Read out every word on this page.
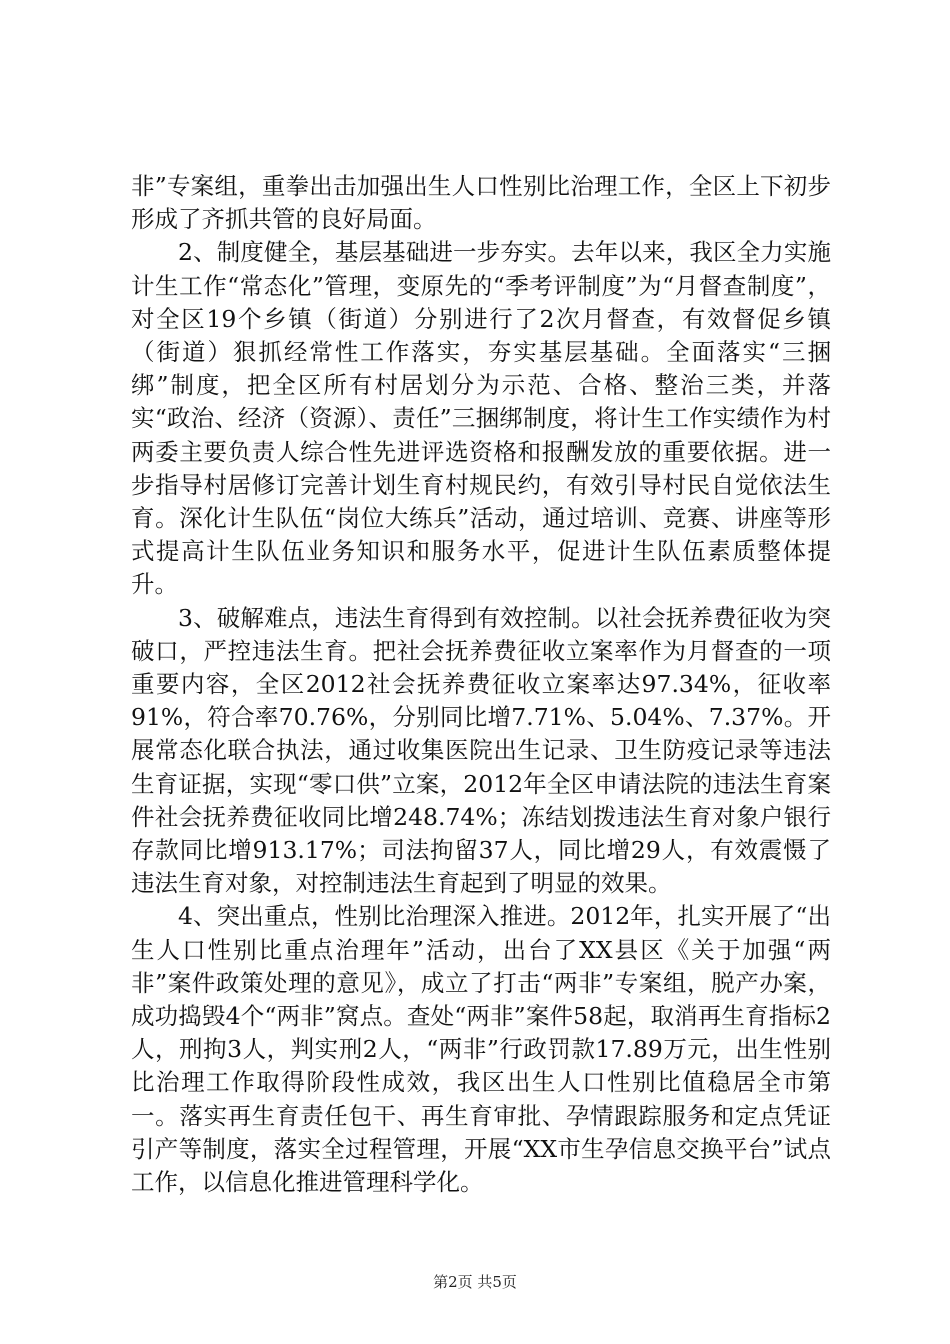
非”专案组，重拳出击加强出生人口性别比治理工作，全区上下初步形成了齐抓共管的良好局面。

2、制度健全，基层基础进一步夯实。去年以来，我区全力实施计生工作“常态化”管理，变原先的“季考评制度”为“月督查制度”，对全区19个乡镇（街道）分别进行了2次月督查，有效督促乡镇（街道）狠抓经常性工作落实，夯实基层基础。全面落实“三捆绑”制度，把全区所有村居划分为示范、合格、整治三类，并落实“政治、经济（资源）、责任”三捆绑制度，将计生工作实绩作为村两委主要负责人综合性先进评选资格和报酬发放的重要依据。进一步指导村居修订完善计划生育村规民约，有效引导村民自觉依法生育。深化计生队伍“岗位大练兵”活动，通过培训、竞赛、讲座等形式提高计生队伍业务知识和服务水平，促进计生队伍素质整体提升。

3、破解难点，违法生育得到有效控制。以社会抚养费征收为突破口，严控违法生育。把社会抚养费征收立案率作为月督查的一项重要内容，全区2012社会抚养费征收立案率达97.34%，征收率91%，符合率70.76%，分别同比增7.71%、5.04%、7.37%。开展常态化联合执法，通过收集医院出生记录、卫生防疫记录等违法生育证据，实现“零口供”立案，2012年全区申请法院的违法生育案件社会抚养费征收同比增248.74%；冻结划拨违法生育对象户银行存款同比增913.17%；司法拘留37人，同比增29人，有效震慑了违法生育对象，对控制违法生育起到了明显的效果。

4、突出重点，性别比治理深入推进。2012年，扎实开展了“出生人口性别比重点治理年”活动，出台了XX县区《关于加强“两非”案件政策处理的意见》，成立了打击“两非”专案组，脱产办案，成功捣毁4个“两非”窝点。查处“两非”案件58起，取消再生育指标2人，刑拘3人，判实刑2人，“两非”行政罚款17.89万元，出生性别比治理工作取得阶段性成效，我区出生人口性别比值稳居全市第一。落实再生育责任包干、再生育审批、孕情跟踪服务和定点凭证引产等制度，落实全过程管理，开展“XX市生孕信息交换平台”试点工作，以信息化推进管理科学化。

第2页 共5页
